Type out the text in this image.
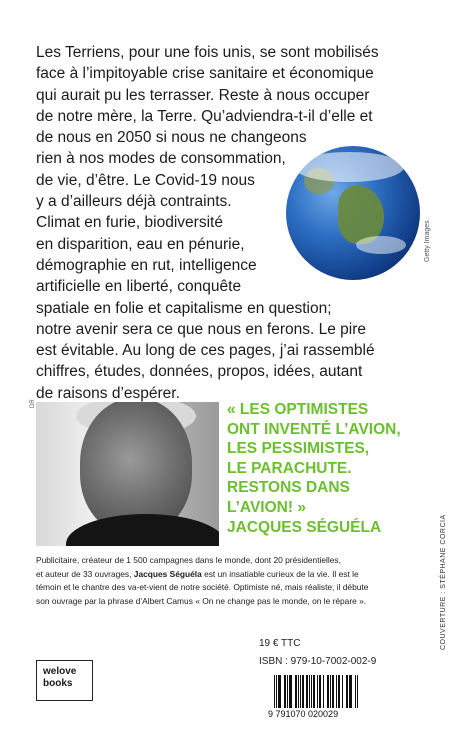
Les Terriens, pour une fois unis, se sont mobilisés
face à l’impitoyable crise sanitaire et économique
qui aurait pu les terrasser. Reste à nous occuper
de notre mère, la Terre. Qu’adviendra-t-il d’elle et
de nous en 2050 si nous ne changeons
rien à nos modes de consommation,
de vie, d’être. Le Covid-19 nous
y a d’ailleurs déjà contraints.
Climat en furie, biodiversité
en disparition, eau en pénurie,
démographie en rut, intelligence
artificielle en liberté, conquête
spatiale en folie et capitalisme en question;
notre avenir sera ce que nous en ferons. Le pire
est évitable. Au long de ces pages, j’ai rassemblé
chiffres, études, données, propos, idées, autant
de raisons d’espérer.
Getty Images
DR	« LES OPTIMISTES
ONT INVENTÉ L’AVION,
LES PESSIMISTES,
LE PARACHUTE.
RESTONS DANS
L’AVION! »
JACQUES SÉGUÉLA
Publicitaire, créateur de 1 500 campagnes dans le monde, dont 20 présidentielles,
et auteur de 33 ouvrages, Jacques Séguéla est un insatiable curieux de la vie. Il est le
témoin et le chantre des va-et-vient de notre société. Optimiste né, mais réaliste, il débute
son ouvrage par la phrase d’Albert Camus « On ne change pas le monde, on le répare ».
19 € TTC
ISBN : 979-10-7002-002-9
welove
books
9 791070 020029
COUVERTURE : STÉPHANE CORCIA
